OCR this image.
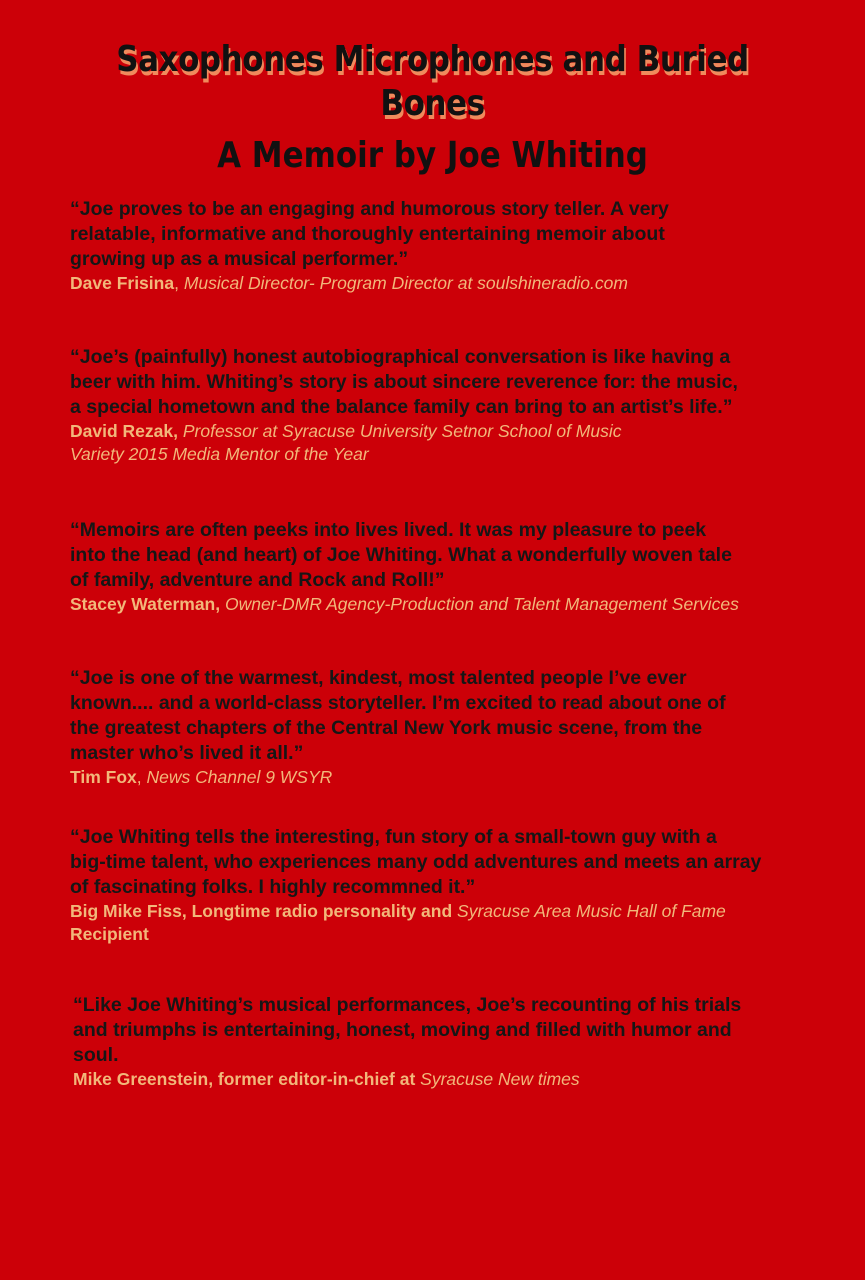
Saxophones Microphones and Buried Bones
A Memoir by Joe Whiting

“Joe proves to be an engaging and humorous story teller. A very
relatable, informative and thoroughly entertaining memoir about
growing up as a musical performer.”

Dave Frisina, Musical Director- Program Director at soulshineradio.com

“Joe’s (painfully) honest autobiographical conversation is like having a
beer with him. Whiting’s story is about sincere reverence for: the music,
a special hometown and the balance family can bring to an artist’s life.”

David Rezak, Professor at Syracuse University Setnor School of Music
Variety 2015 Media Mentor of the Year

“Memoirs are often peeks into lives lived. It was my pleasure to peek
into the head (and heart) of Joe Whiting. What a wonderfully woven tale
of family, adventure and Rock and Roll!”

Stacey Waterman, Owner-DMR Agency-Production and Talent Management Services

“Joe is one of the warmest, kindest, most talented people I’ve ever
known.... and a world-class storyteller. I’m excited to read about one of
the greatest chapters of the Central New York music scene, from the
master who’s lived it all.”

Tim Fox, News Channel 9 WSYR

“Joe Whiting tells the interesting, fun story of a small-town guy with a
big-time talent, who experiences many odd adventures and meets an array
of fascinating folks. I highly recommned it.”

Big Mike Fiss, Longtime radio personality and Syracuse Area Music Hall of Fame
Recipient

“Like Joe Whiting’s musical performances, Joe’s recounting of his trials
and triumphs is entertaining, honest, moving and filled with humor and
soul.

Mike Greenstein, former editor-in-chief at Syracuse New times
